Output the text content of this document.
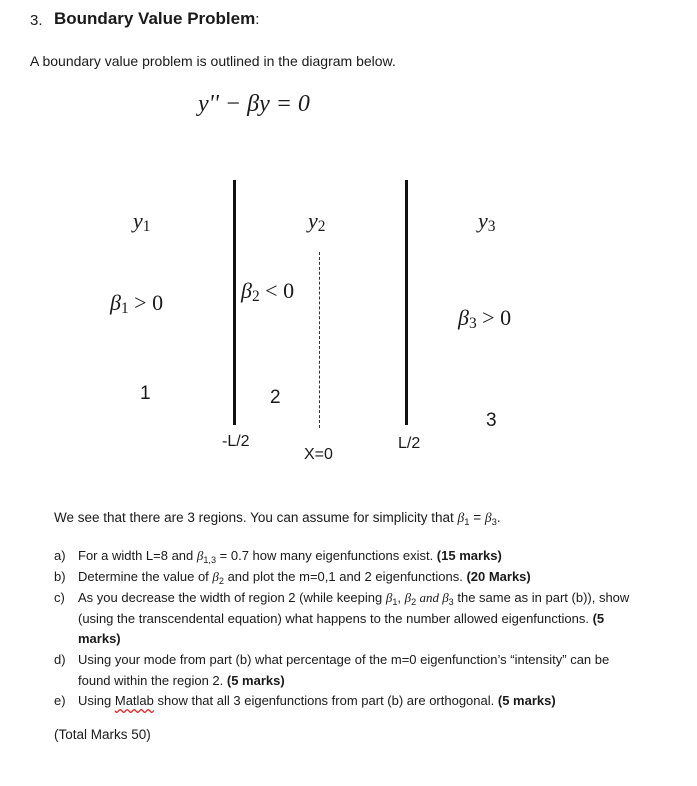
3. Boundary Value Problem:
A boundary value problem is outlined in the diagram below.
y'' − βy = 0
$y_1$
$\beta_1 > 0$
1
$y_2$
$\beta_2 < 0$
2
$y_3$
$\beta_3 > 0$
3
-L/2
X=0
L/2
We see that there are 3 regions. You can assume for simplicity that $\beta_1 = \beta_3$.
a) For a width L=8 and $\beta_{1,3} = 0.7$ how many eigenfunctions exist. (15 marks)
b) Determine the value of $\beta_2$ and plot the m=0,1 and 2 eigenfunctions. (20 Marks)
c) As you decrease the width of region 2 (while keeping $\beta_1$, $\beta_2$ and $\beta_3$ the same as in part (b)), show (using the transcendental equation) what happens to the number allowed eigenfunctions. (5 marks)
d) Using your mode from part (b) what percentage of the m=0 eigenfunction’s “intensity” can be found within the region 2. (5 marks)
e) Using Matlab show that all 3 eigenfunctions from part (b) are orthogonal. (5 marks)
(Total Marks 50)
